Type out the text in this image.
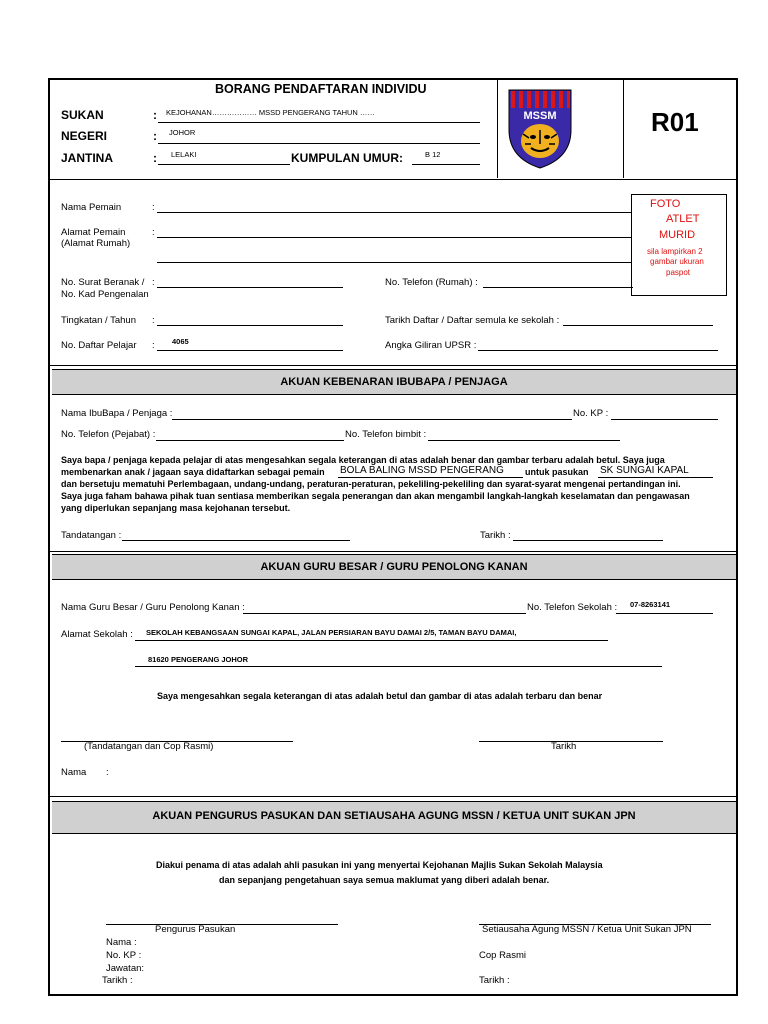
BORANG PENDAFTARAN INDIVIDU
SUKAN	: KEJOHANAN……………… MSSD PENGERANG TAHUN ……
NEGERI	: JOHOR
JANTINA	: LELAKI	KUMPULAN UMUR:	B 12
MSSM	R01
Nama Pemain	:
Alamat Pemain
(Alamat Rumah)
:
FOTO
ATLET
MURID
sila lampirkan 2
gambar ukuran
paspot
No. Surat Beranak /
No. Kad Pengenalan
:	No. Telefon (Rumah) :
Tingkatan / Tahun :	Tarikh Daftar / Daftar semula ke sekolah :
No. Daftar Pelajar : 4065	Angka Giliran UPSR :
AKUAN KEBENARAN IBUBAPA / PENJAGA
Nama IbuBapa / Penjaga :	No. KP :
No. Telefon (Pejabat) :	No. Telefon bimbit :
Saya bapa / penjaga kepada pelajar di atas mengesahkan segala keterangan di atas adalah benar dan gambar terbaru adalah betul. Saya juga
membenarkan anak / jagaan saya didaftarkan sebagai pemain BOLA BALING MSSD PENGERANG untuk pasukan SK SUNGAI KAPAL
dan bersetuju mematuhi Perlembagaan, undang-undang, peraturan-peraturan, pekeliling-pekeliling dan syarat-syarat mengenai pertandingan ini.
Saya juga faham bahawa pihak tuan sentiasa memberikan segala penerangan dan akan mengambil langkah-langkah keselamatan dan pengawasan
yang diperlukan sepanjang masa kejohanan tersebut.
Tandatangan :	Tarikh :
AKUAN GURU BESAR / GURU PENOLONG KANAN
Nama Guru Besar / Guru Penolong Kanan :	No. Telefon Sekolah : 07-8263141
Alamat Sekolah : SEKOLAH KEBANGSAAN SUNGAI KAPAL, JALAN PERSIARAN BAYU DAMAI 2/5, TAMAN BAYU DAMAI,
81620 PENGERANG JOHOR
Saya mengesahkan segala keterangan di atas adalah betul dan gambar di atas adalah terbaru dan benar
(Tandatangan dan Cop Rasmi)	Tarikh
Nama :
AKUAN PENGURUS PASUKAN DAN SETIAUSAHA AGUNG MSSN / KETUA UNIT SUKAN JPN
Diakui penama di atas adalah ahli pasukan ini yang menyertai Kejohanan Majlis Sukan Sekolah Malaysia
dan sepanjang pengetahuan saya semua maklumat yang diberi adalah benar.
Pengurus Pasukan	Setiausaha Agung MSSN / Ketua Unit Sukan JPN
Nama :
No. KP :
Jawatan:
Tarikh :
Cop Rasmi
Tarikh :
